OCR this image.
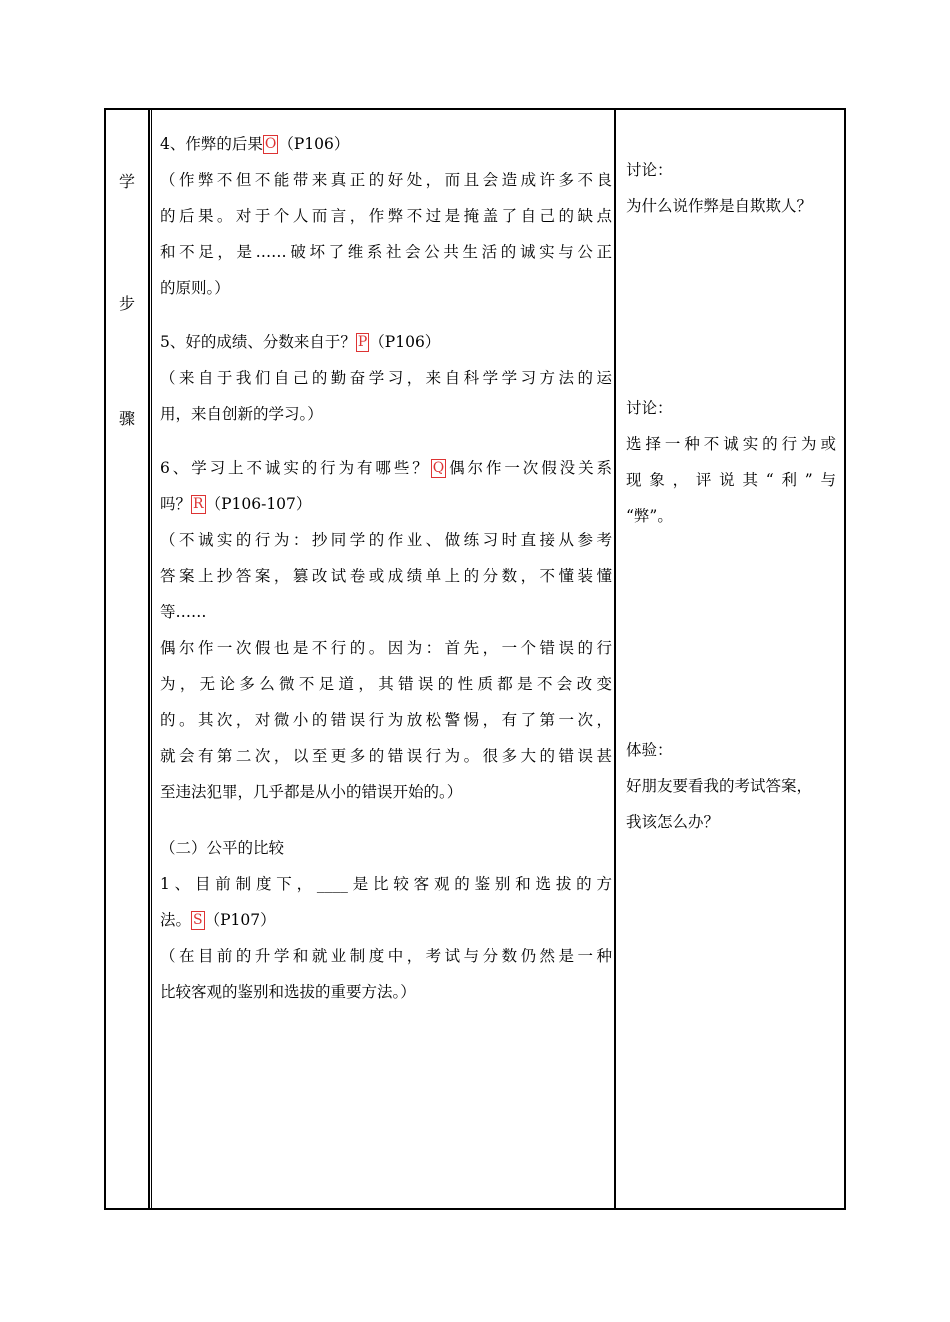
学
步
骤

4、作弊的后果 O （P106）

（作弊不但不能带来真正的好处，而且会造成许多不良

的后果。对于个人而言，作弊不过是掩盖了自己的缺点

和不足，是……破坏了维系社会公共生活的诚实与公正

的原则。）

5、好的成绩、分数来自于？ P （P106）

（来自于我们自己的勤奋学习，来自科学学习方法的运

用，来自创新的学习。）

6、学习上不诚实的行为有哪些？ Q 偶尔作一次假没关系

吗？ R （P106-107）

（不诚实的行为：抄同学的作业、做练习时直接从参考

答案上抄答案，篡改试卷或成绩单上的分数，不懂装懂

等……

偶尔作一次假也是不行的。因为：首先，一个错误的行

为，无论多么微不足道，其错误的性质都是不会改变

的。其次，对微小的错误行为放松警惕，有了第一次，

就会有第二次，以至更多的错误行为。很多大的错误甚

至违法犯罪，几乎都是从小的错误开始的。）

（二）公平的比较

1、目前制度下，____是比较客观的鉴别和选拔的方

法。 S （P107）

（在目前的升学和就业制度中，考试与分数仍然是一种

比较客观的鉴别和选拔的重要方法。）

讨论：

为什么说作弊是自欺欺人？

讨论：

选择一种不诚实的行为或

现象，评说其“利”与

“弊”。

体验：

好朋友要看我的考试答案，

我该怎么办？
